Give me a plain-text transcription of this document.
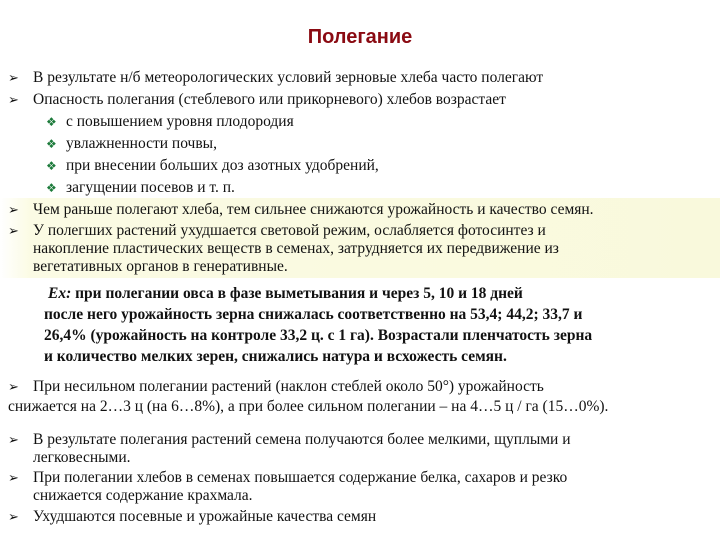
Полегание
➢ В результате н/б метеорологических условий зерновые хлеба часто полегают
➢ Опасность полегания (стеблевого или прикорневого) хлебов возрастает
❖ с повышением уровня плодородия
❖ увлажненности почвы,
❖ при внесении больших доз азотных удобрений,
❖ загущении посевов и т. п.
➢ Чем раньше полегают хлеба, тем сильнее снижаются урожайность и качество семян.
➢ У полегших растений ухудшается световой режим, ослабляется фотосинтез и
накопление пластических веществ в семенах, затрудняется их передвижение из
вегетативных органов в генеративные.
Ex: при полегании овса в фазе выметывания и через 5, 10 и 18 дней
после него урожайность зерна снижалась соответственно на 53,4; 44,2; 33,7 и
26,4% (урожайность на контроле 33,2 ц. с 1 га). Возрастали пленчатость зерна
и количество мелких зерен, снижались натура и всхожесть семян.
➢ При несильном полегании растений (наклон стеблей около 50°) урожайность
снижается на 2…3 ц (на 6…8%), а при более сильном полегании – на 4…5 ц / га (15…0%).
➢ В результате полегания растений семена получаются более мелкими, щуплыми и
легковесными.
➢ При полегании хлебов в семенах повышается содержание белка, сахаров и резко
снижается содержание крахмала.
➢ Ухудшаются посевные и урожайные качества семян
